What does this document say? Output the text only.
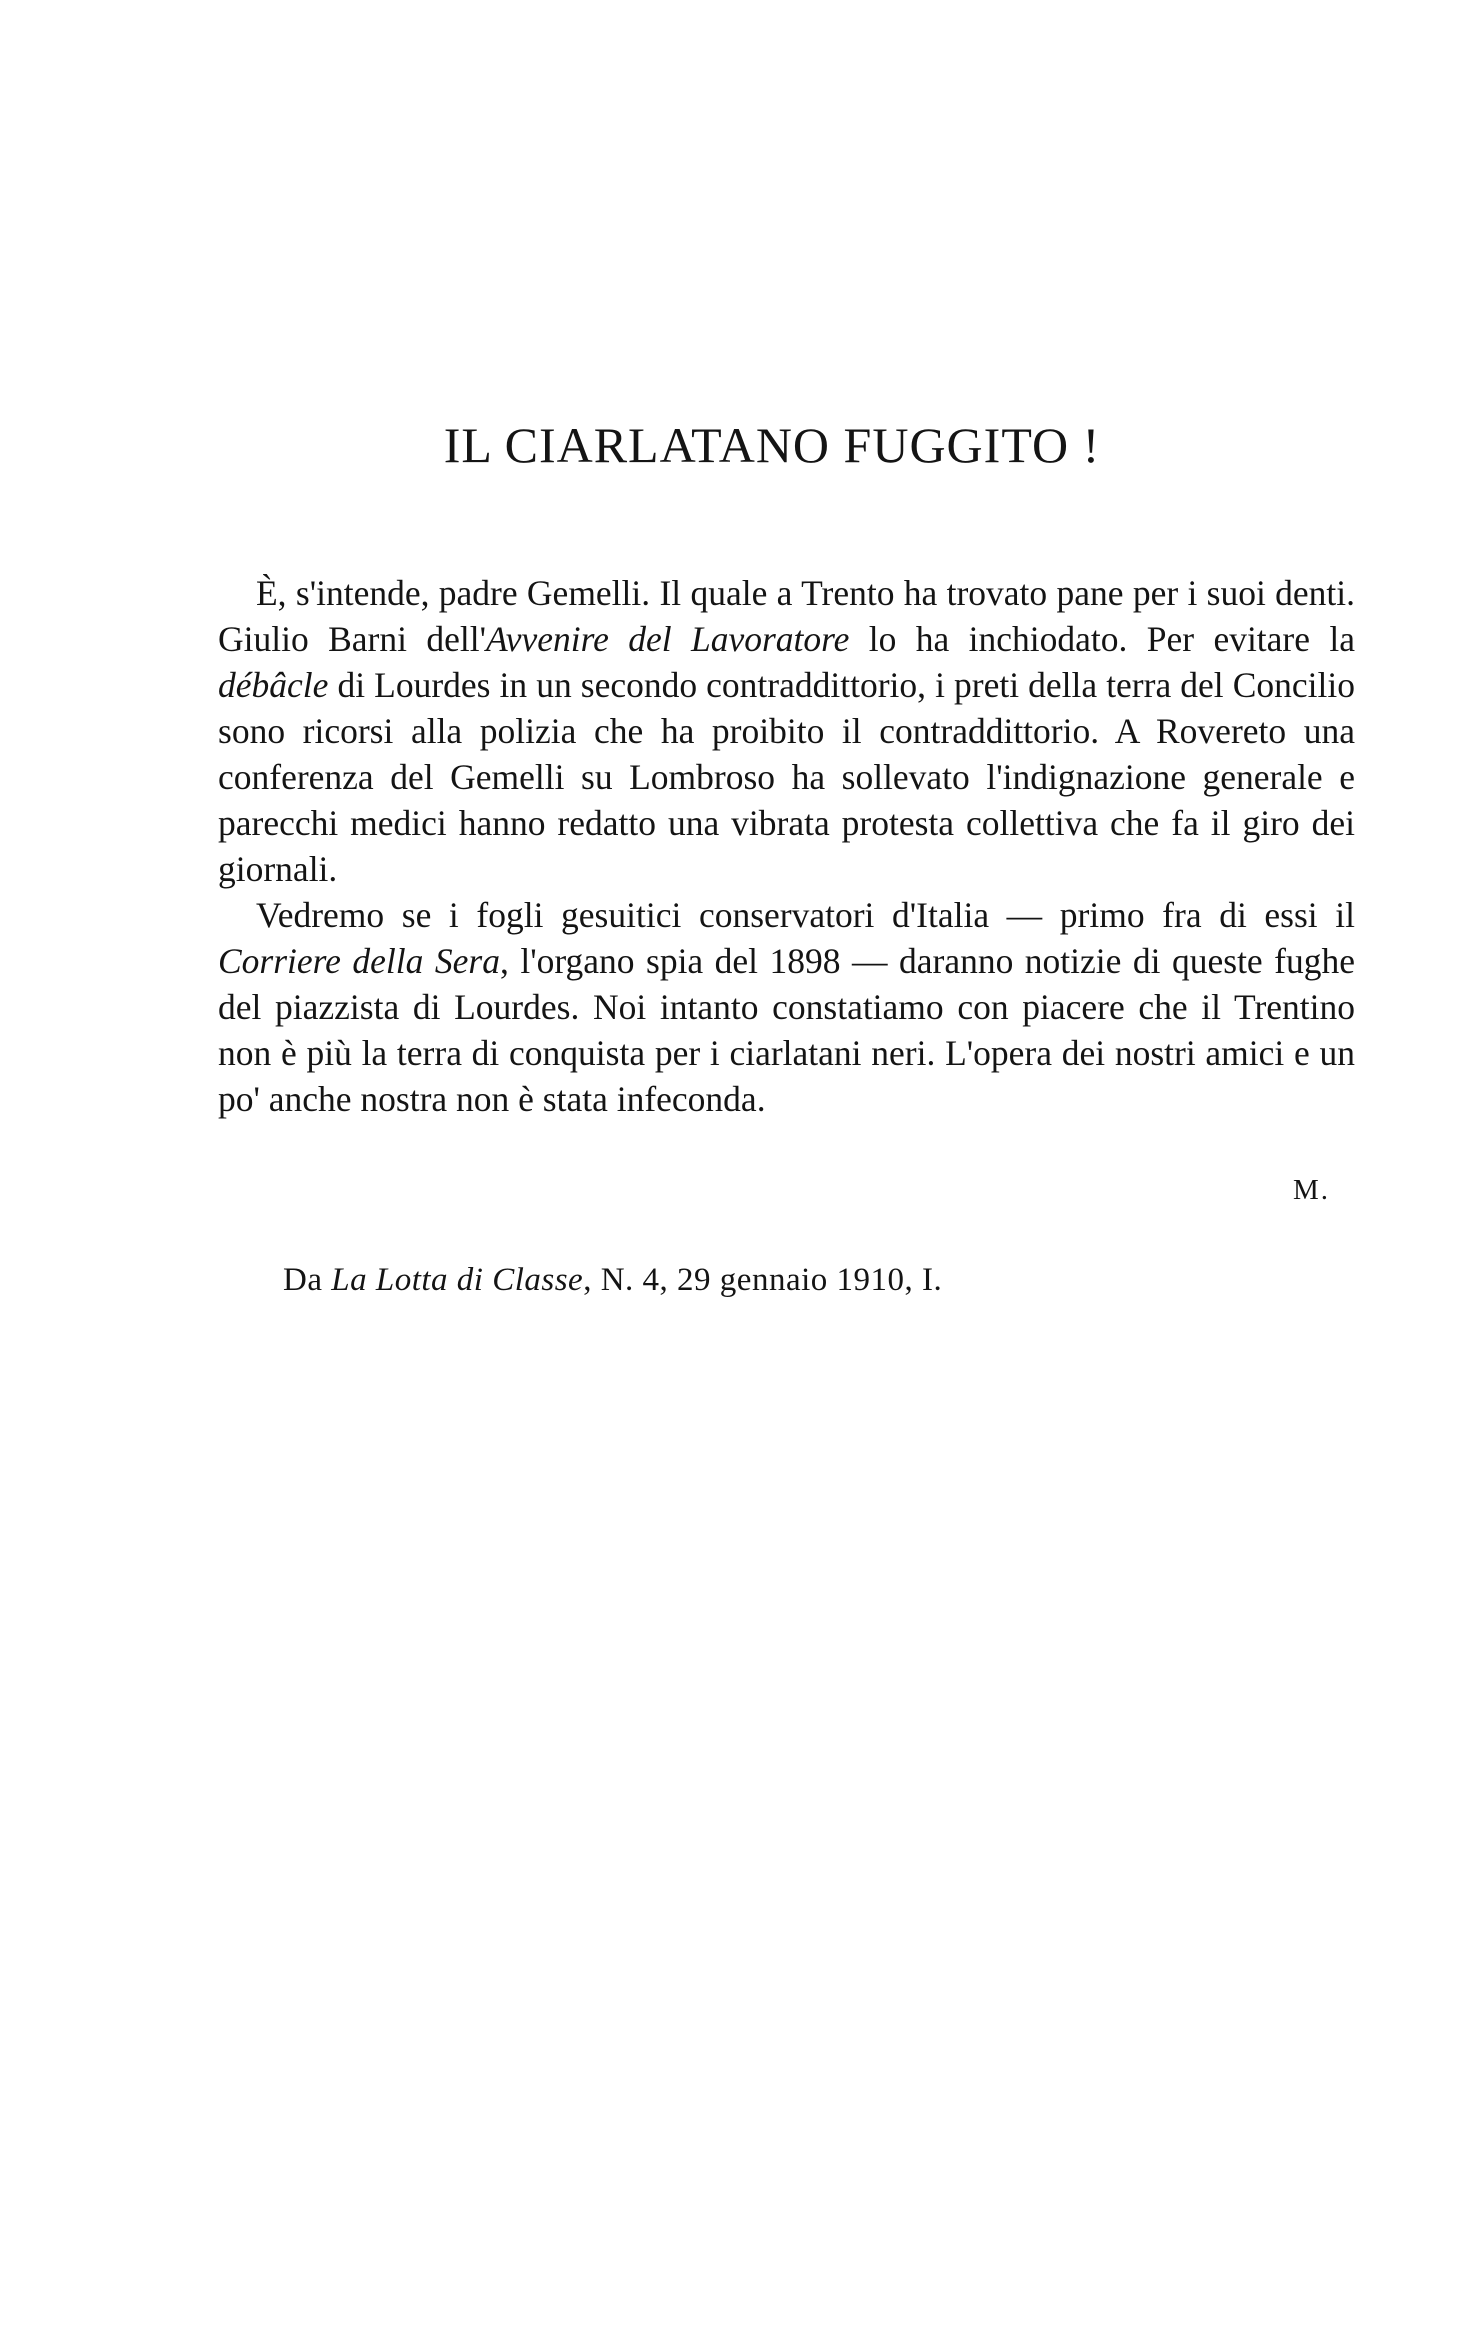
IL CIARLATANO FUGGITO !

È, s'intende, padre Gemelli. Il quale a Trento ha trovato pane per i suoi denti. Giulio Barni dell'Avvenire del Lavoratore lo ha inchiodato. Per evitare la débâcle di Lourdes in un secondo contraddittorio, i preti della terra del Concilio sono ricorsi alla polizia che ha proibito il contraddittorio. A Rovereto una conferenza del Gemelli su Lombroso ha sollevato l'indignazione generale e parecchi medici hanno redatto una vibrata protesta collettiva che fa il giro dei giornali.

Vedremo se i fogli gesuitici conservatori d'Italia — primo fra di essi il Corriere della Sera, l'organo spia del 1898 — daranno notizie di queste fughe del piazzista di Lourdes. Noi intanto constatiamo con piacere che il Trentino non è più la terra di conquista per i ciarlatani neri. L'opera dei nostri amici e un po' anche nostra non è stata infeconda.

M.
Da La Lotta di Classe, N. 4, 29 gennaio 1910, I.
